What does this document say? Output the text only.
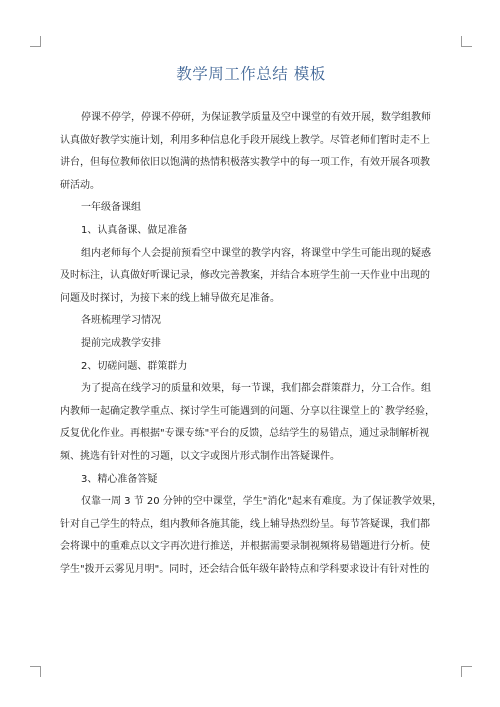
教学周工作总结 模板

停课不停学，停课不停研，为保证教学质量及空中课堂的有效开展，数学组教师
认真做好教学实施计划，利用多种信息化手段开展线上教学。尽管老师们暂时走不上
讲台，但每位教师依旧以饱满的热情积极落实教学中的每一项工作，有效开展各项教
研活动。

一年级备课组

1、认真备课、做足准备

组内老师每个人会提前预看空中课堂的教学内容，将课堂中学生可能出现的疑惑
及时标注，认真做好听课记录，修改完善教案，并结合本班学生前一天作业中出现的
问题及时探讨，为接下来的线上辅导做充足准备。

各班梳理学习情况

提前完成教学安排

2、切磋问题、群策群力

为了提高在线学习的质量和效果，每一节课，我们都会群策群力，分工合作。组
内教师一起确定教学重点、探讨学生可能遇到的问题、分享以往课堂上的`教学经验，
反复优化作业。再根据"专课专练"平台的反馈，总结学生的易错点，通过录制解析视
频、挑选有针对性的习题，以文字或图片形式制作出答疑课件。

3、精心准备答疑

仅靠一周 3 节 20 分钟的空中课堂，学生"消化"起来有难度。为了保证教学效果，
针对自己学生的特点，组内教师各施其能，线上辅导热烈纷呈。每节答疑课，我们都
会将课中的重难点以文字再次进行推送，并根据需要录制视频将易错题进行分析。使
学生"拨开云雾见月明"。同时，还会结合低年级年龄特点和学科要求设计有针对性的
